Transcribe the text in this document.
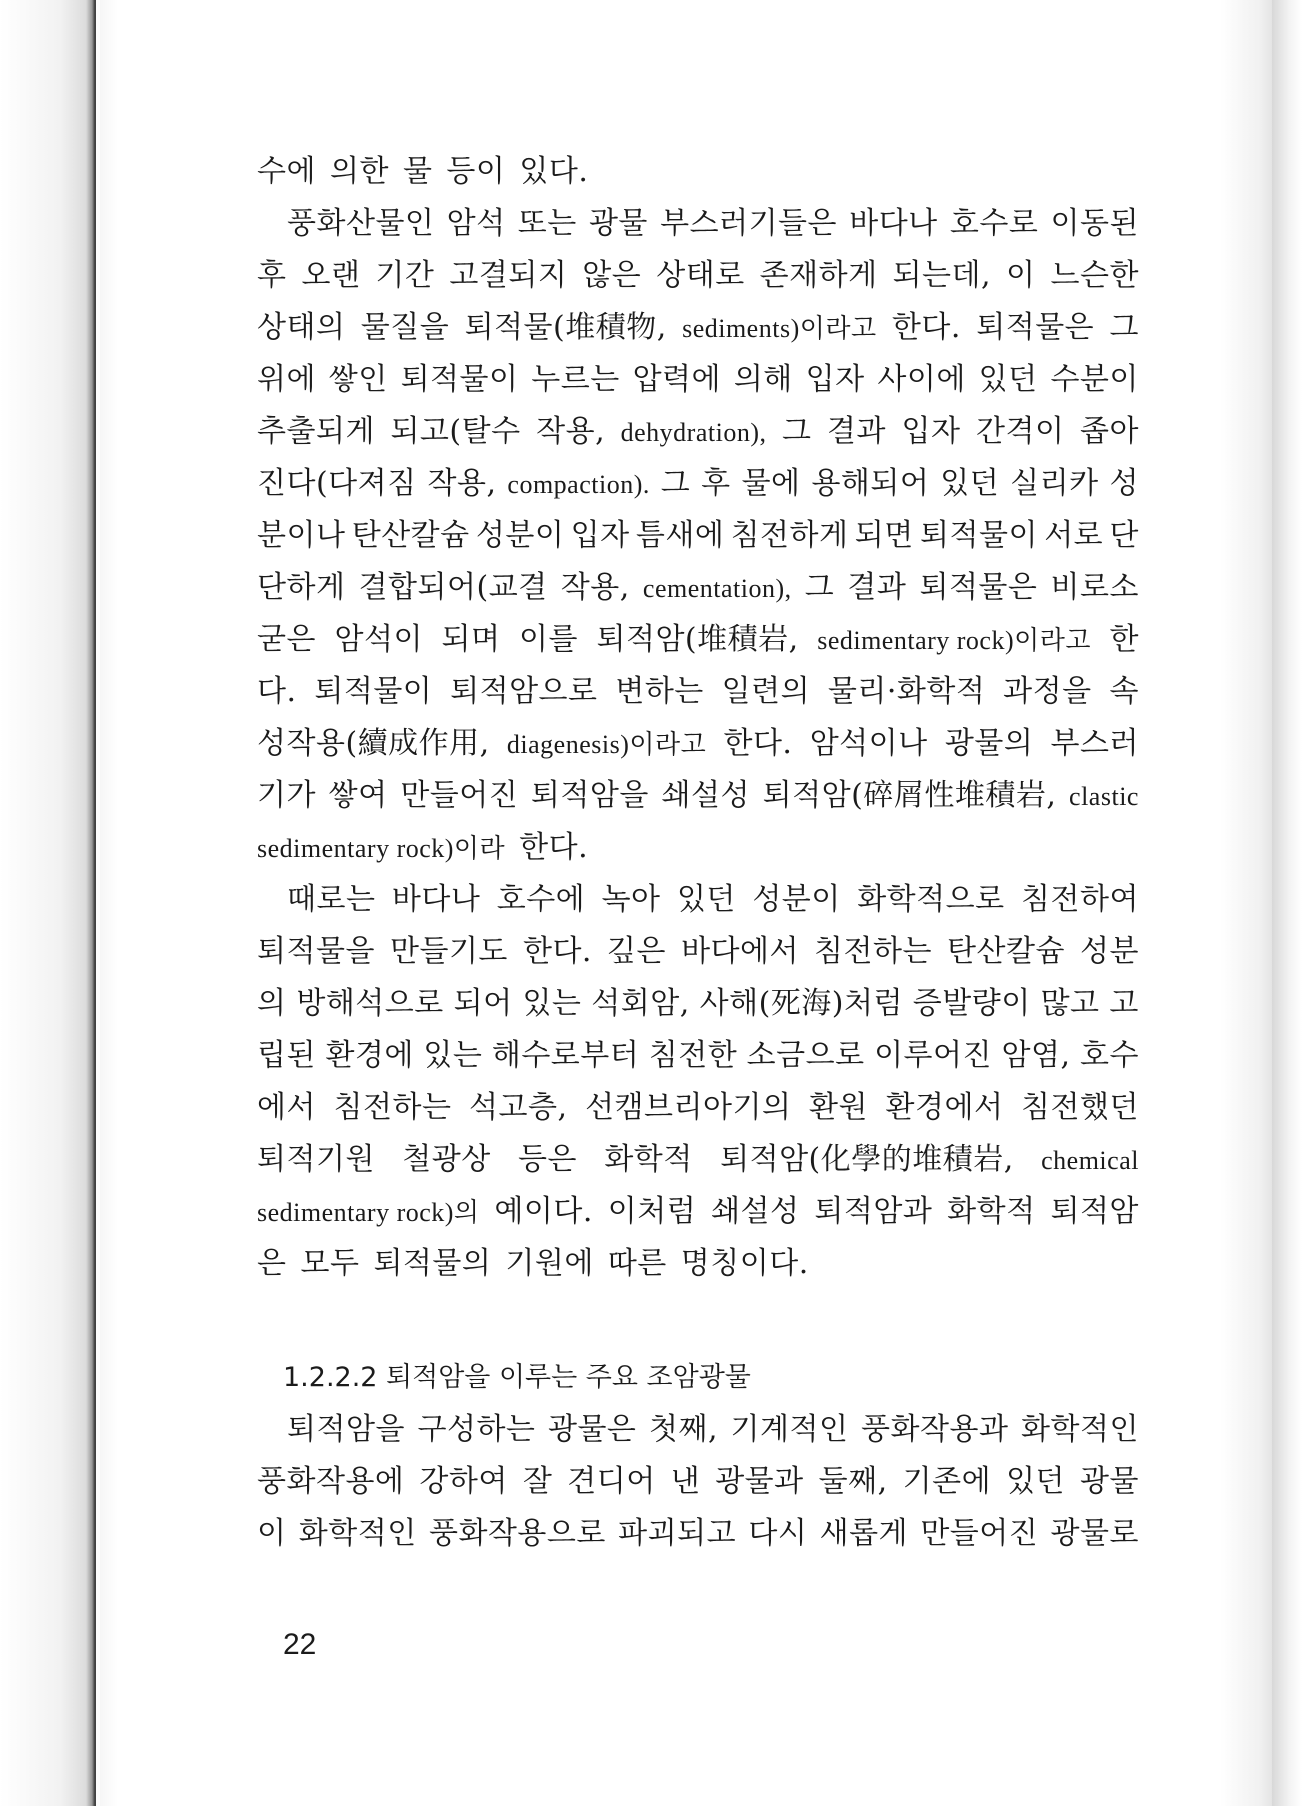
수에 의한 물 등이 있다.
풍화산물인 암석 또는 광물 부스러기들은 바다나 호수로 이동된
후 오랜 기간 고결되지 않은 상태로 존재하게 되는데, 이 느슨한
상태의 물질을 퇴적물(堆積物, sediments)이라고 한다. 퇴적물은 그
위에 쌓인 퇴적물이 누르는 압력에 의해 입자 사이에 있던 수분이
추출되게 되고(탈수 작용, dehydration), 그 결과 입자 간격이 좁아
진다(다져짐 작용, compaction). 그 후 물에 용해되어 있던 실리카 성
분이나 탄산칼슘 성분이 입자 틈새에 침전하게 되면 퇴적물이 서로 단
단하게 결합되어(교결 작용, cementation), 그 결과 퇴적물은 비로소
굳은 암석이 되며 이를 퇴적암(堆積岩, sedimentary rock)이라고 한
다. 퇴적물이 퇴적암으로 변하는 일련의 물리·화학적 과정을 속
성작용(續成作用, diagenesis)이라고 한다. 암석이나 광물의 부스러
기가 쌓여 만들어진 퇴적암을 쇄설성 퇴적암(碎屑性堆積岩, clastic
sedimentary rock)이라 한다.
때로는 바다나 호수에 녹아 있던 성분이 화학적으로 침전하여
퇴적물을 만들기도 한다. 깊은 바다에서 침전하는 탄산칼슘 성분
의 방해석으로 되어 있는 석회암, 사해(死海)처럼 증발량이 많고 고
립된 환경에 있는 해수로부터 침전한 소금으로 이루어진 암염, 호수
에서 침전하는 석고층, 선캠브리아기의 환원 환경에서 침전했던
퇴적기원 철광상 등은 화학적 퇴적암(化學的堆積岩, chemical
sedimentary rock)의 예이다. 이처럼 쇄설성 퇴적암과 화학적 퇴적암
은 모두 퇴적물의 기원에 따른 명칭이다.
1.2.2.2 퇴적암을 이루는 주요 조암광물
퇴적암을 구성하는 광물은 첫째, 기계적인 풍화작용과 화학적인
풍화작용에 강하여 잘 견디어 낸 광물과 둘째, 기존에 있던 광물
이 화학적인 풍화작용으로 파괴되고 다시 새롭게 만들어진 광물로
22
